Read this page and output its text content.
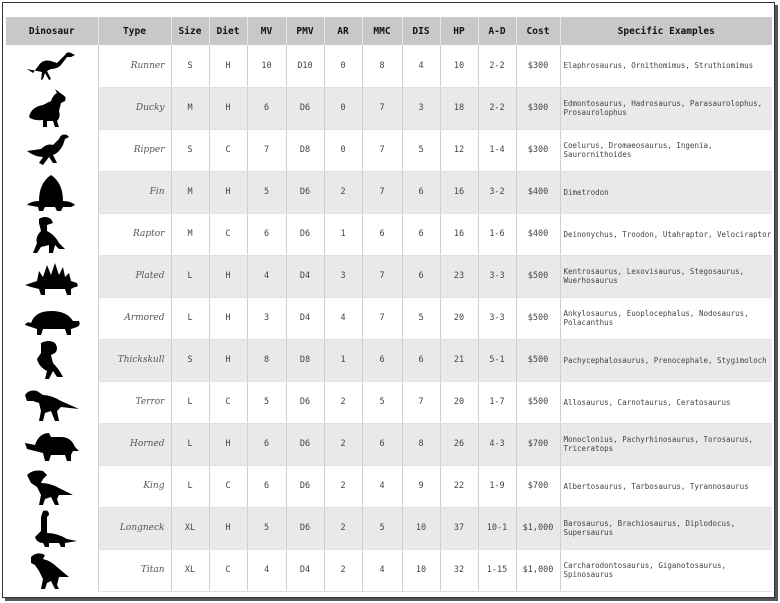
Dinosaur	Type	Size	Diet	MV	PMV	AR	MMC	DIS	HP	A-D	Cost	Specific Examples

	Runner	S	H	10	D10	0	8	4	10	2-2	$300	Elaphrosaurus, Ornithomimus, Struthiomimus

	Ducky	M	H	6	D6	0	7	3	18	2-2	$300	Edmontosaurus, Hadrosaurus, Parasaurolophus, Prosaurolophus

	Ripper	S	C	7	D8	0	7	5	12	1-4	$300	Coelurus, Dromaeosaurus, Ingenia, Saurornithoides

	Fin	M	H	5	D6	2	7	6	16	3-2	$400	Dimetrodon

	Raptor	M	C	6	D6	1	6	6	16	1-6	$400	Deinonychus, Troodon, Utahraptor, Velociraptor

	Plated	L	H	4	D4	3	7	6	23	3-3	$500	Kentrosaurus, Lexovisaurus, Stegosaurus, Wuerhosaurus

	Armored	L	H	3	D4	4	7	5	20	3-3	$500	Ankylosaurus, Euoplocephalus, Nodosaurus, Polacanthus

	Thickskull	S	H	8	D8	1	6	6	21	5-1	$500	Pachycephalosaurus, Prenocephale, Stygimoloch

	Terror	L	C	5	D6	2	5	7	20	1-7	$500	Allosaurus, Carnotaurus, Ceratosaurus

	Horned	L	H	6	D6	2	6	8	26	4-3	$700	Monoclonius, Pachyrhinosaurus, Torosaurus, Triceratops

	King	L	C	6	D6	2	4	9	22	1-9	$700	Albertosaurus, Tarbosaurus, Tyrannosaurus

	Longneck	XL	H	5	D6	2	5	10	37	10-1	$1,000	Barosaurus, Brachiosaurus, Diplodocus, Supersaurus

	Titan	XL	C	4	D4	2	4	10	32	1-15	$1,000	Carcharodontosaurus, Giganotosaurus, Spinosaurus
